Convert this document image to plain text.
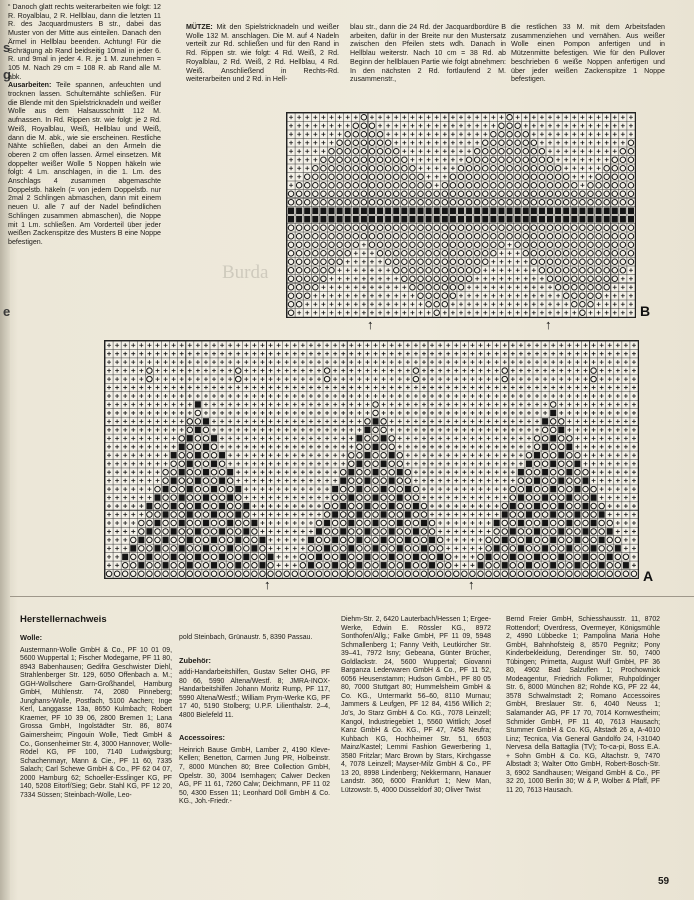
s
g
e

“ Danoch glatt rechts weiterarbeiten wie folgt: 12 R. Royalblau, 2 R. Hellblau, dann die letzten 11 R. des Jacquardmusters B str., dabei das Muster von der Mitte aus einteilen. Danach den Ärmel in Hellblau beenden. Achtung! Für die Schrägung ab Rand beidseitig 10mal in jeder 6. R. und 9mal in jeder 4. R. je 1 M. zunehmen = 105 M. Nach 29 cm = 108 R. ab Rand alle M. abk.

Ausarbeiten: Teile spannen, anfeuchten und trocknen lassen. Schulternähte schließen. Für die Blende mit den Spielstricknadeln und weißer Wolle aus dem Halsausschnitt 112 M. aufnassen. In Rd. Rippen str. wie folgt: je 2 Rd. Weiß, Royalblau, Weiß, Hellblau und Weiß, dann die M. abk., wie sie erscheinen. Restliche Nähte schließen, dabei an den Ärmeln die oberen 2 cm offen lassen. Ärmel einsetzen. Mit doppelter weißer Wolle 5 Noppen häkeln wie folgt: 4 Lm. anschlagen, in die 1. Lm. des Anschlags 4 zusammen abgemaschte Doppelstb. häkeln (= von jedem Doppelstb. nur 2mal 2 Schlingen abmaschen, dann mit einem neuen U. alle 7 auf der Nadel befindlichen Schlingen zusammen abmaschen), die Noppe mit 1 Lm. schließen. Am Vorderteil über jeder weißen Zackenspitze des Musters B eine Noppe befestigen.

MÜTZE: Mit den Spielstricknadeln und weißer Wolle 132 M. anschlagen. Die M. auf 4 Nadeln verteilt zur Rd. schließen und für den Rand in Rd. Rippen str. wie folgt: 4 Rd. Weiß, 2 Rd. Royalblau, 2 Rd. Weiß, 2 Rd. Hellblau, 4 Rd. Weiß. Anschließend in Rechts-Rd. weiterarbeiten und 2 Rd. in Hell-

blau str., dann die 24 Rd. der Jacquardbordüre B arbeiten, dafür in der Breite nur den Mustersatz zwischen den Pfeilen stets wdh. Danach in Hellblau weiterstr. Nach 10 cm = 38 Rd. ab Beginn der hellblauen Partie wie folgt abnehmen: In den nächsten 2 Rd. fortlaufend 2 M. zusammenstr.,

die restlichen 33 M. mit dem Arbeitsfaden zusammenziehen und vernähen. Aus weißer Wolle einen Pompon anfertigen und in Mützenmitte befestigen. Wie für den Pullover beschrieben 6 weiße Noppen anfertigen und über jeder weißen Zackenspitze 1 Noppe befestigen.

↑	↑
B
Burda
↑	↑
A
Herstellernachweis
Wolle:
Austermann-Wolle GmbH & Co., PF 10 01 09, 5600 Wuppertal 1; Fischer Modegarne, PF 11 80, 8943 Babenhausen; Gedifra Geschwister Diehl, Strahlenberger Str. 129, 6050 Offenbach a. M.; GGH-Wollschere Garn-Großhandel, Hamburg GmbH, Mühlenstr. 74, 2080 Pinneberg; Junghans-Wolle, Postfach, 5100 Aachen; Inge Kerl, Langgasse 13a, 8650 Kulmbach; Robert Kraemer, PF 10 39 06, 2800 Bremen 1; Lana Grossa GmbH, Ingolstädter Str. 86, 8074 Gaimersheim; Pingouin Wolle, Tiedt GmbH & Co., Gonsenheimer Str. 4, 3000 Hannover; Wolle-Rödel KG, PF 100, 7140 Ludwigsburg; Schachenmayr, Mann & Cie., PF 11 60, 7335 Salach; Carl Schewe GmbH & Co., PF 62 04 07, 2000 Hamburg 62; Schoeller-Esslinger KG, PF 140, 5208 Eitorf/Sieg; Gebr. Stahl KG, PF 12 20, 7334 Süssen; Steinbach-Wolle, Leo-
pold Steinbach, Grünaustr. 5, 8390 Passau.
Zubehör:
addi-Handarbeitshilfen, Gustav Selter OHG, PF 80 66, 5990 Altena/Westf. 8; JMRA-INOX-Handarbeitshilfen Johann Moritz Rump, PF 117, 5990 Altena/Westf.; William Prym-Werke KG, PF 17 40, 5190 Stolberg; U.P.F. Lilienthalstr. 2–4, 4800 Bielefeld 11.
Accessoires:
Heinrich Bause GmbH, Lamber 2, 4190 Kleve-Kellen; Benetton, Carmen Jung PR, Holbeinstr. 7, 8000 München 80; Bree Collection GmbH, Opelstr. 30, 3004 Isernhagen; Calwer Decken AG, PF 11 61, 7260 Calw; Deichmann, PF 11 02 50, 4300 Essen 11; Leonhard Döll GmbH & Co. KG., Joh.-Friedr.-
Diehm-Str. 2, 6420 Lauterbach/Hessen 1; Ergee-Werke, Edwin E. Rössler KG., 8972 Sonthofen/Allg.; Falke GmbH, PF 11 09, 5948 Schmallenberg 1; Fanny Veith, Leutkircher Str. 39–41, 7972 Isny; Gebeana, Günter Brücher, Goldlackstr. 24, 5600 Wuppertal; Giovanni Barganza Lederwaren GmbH & Co., PF 11 52, 6056 Heusenstamm; Hudson GmbH., PF 80 05 80, 7000 Stuttgart 80; Hummelsheim GmbH & Co. KG., Untermarkt 56–60, 8110 Murnau; Jammers & Leufgen, PF 12 84, 4156 Willich 2; Jo's, Jo Starz GmbH & Co. KG., 7078 Leinzell; Kangol, Industriegebiet 1, 5560 Wittlich; Josef Kanz GmbH & Co. KG., PF 47, 7458 Neufra; Kuhbach KG, Hochheimer Str. 51, 6503 Mainz/Kastel; Lemmi Fashion Gewerbering 1, 3580 Fritzlar; Marc Brown by Stars, Kirchgasse 4, 7078 Leinzell; Mayser-Milz GmbH & Co., PF 13 20, 8998 Lindenberg; Nekkermann, Hanauer Landstr. 360, 6000 Frankfurt 1; New Man, Lützowstr. 5, 4000 Düsseldorf 30; Oliver Twist
Bernd Freier GmbH, Schiesshausstr. 11, 8702 Rottendorf; Overdress, Overmeyer, Königsmühle 2, 4990 Lübbecke 1; Pampolina Maria Hohe GmbH, Bahnhofsteig 8, 8570 Pegnitz; Pony Kinderbekleidung, Derendinger Str. 50, 7400 Tübingen; Primetta, August Wulf GmbH, PF 36 80, 4902 Bad Salzuflen 1; Prochownick Modeagentur, Friedrich Folkmer, Ruhpoldinger Str. 6, 8000 München 82; Rohde KG, PF 22 44, 3578 Schwalmstadt 2; Romano Accessoires GmbH, Breslauer Str. 6, 4040 Neuss 1; Salamander AG, PF 17 70, 7014 Kornwestheim; Schmider GmbH, PF 11 40, 7613 Hausach; Stummer GmbH & Co. KG, Altstadt 26 a, A-4010 Linz; Tecnica, Via General Gandolfo 24, I-31040 Nervesa della Battaglia (TV); To-ca-pi, Boss E.A. + Sohn GmbH & Co. KG, Altachstr. 9, 7470 Albstadt 3; Walter Otto GmbH, Robert-Bosch-Str. 3, 6902 Sandhausen; Weigand GmbH & Co., PF 32 20, 1000 Berlin 30; W & P, Wolber & Pfaff, PF 11 20, 7613 Hausach.
59
